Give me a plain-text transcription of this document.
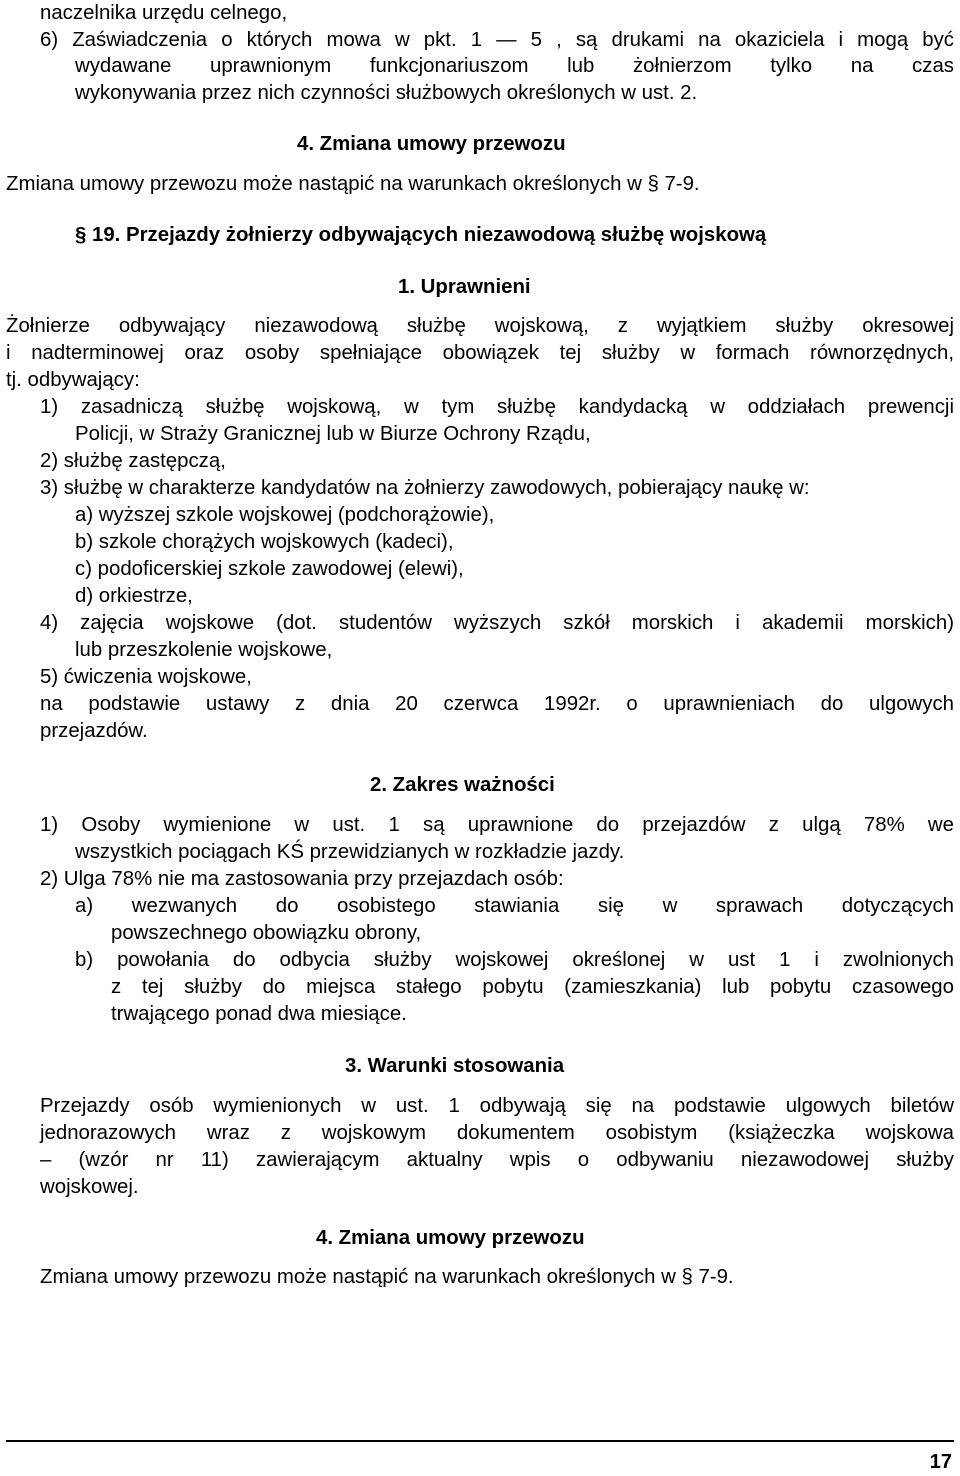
naczelnika urzędu celnego,
6) Zaświadczenia o których mowa w pkt. 1 — 5 , są drukami na okaziciela i mogą być
wydawane uprawnionym funkcjonariuszom lub żołnierzom tylko na czas
wykonywania przez nich czynności służbowych określonych w ust. 2.
4. Zmiana umowy przewozu
Zmiana umowy przewozu może nastąpić na warunkach określonych w § 7-9.
§ 19. Przejazdy żołnierzy odbywających niezawodową służbę wojskową
1. Uprawnieni
Żołnierze odbywający niezawodową służbę wojskową, z wyjątkiem służby okresowej
i nadterminowej oraz osoby spełniające obowiązek tej służby w formach równorzędnych,
tj. odbywający:
1) zasadniczą służbę wojskową, w tym służbę kandydacką w oddziałach prewencji
Policji, w Straży Granicznej lub w Biurze Ochrony Rządu,
2) służbę zastępczą,
3) służbę w charakterze kandydatów na żołnierzy zawodowych, pobierający naukę w:
a) wyższej szkole wojskowej (podchorążowie),
b) szkole chorążych wojskowych (kadeci),
c) podoficerskiej szkole zawodowej (elewi),
d) orkiestrze,
4) zajęcia wojskowe (dot. studentów wyższych szkół morskich i akademii morskich)
lub przeszkolenie wojskowe,
5) ćwiczenia wojskowe,
na podstawie ustawy z dnia 20 czerwca 1992r. o uprawnieniach do ulgowych
przejazdów.
2. Zakres ważności
1) Osoby wymienione w ust. 1 są uprawnione do przejazdów z ulgą 78% we
wszystkich pociągach KŚ przewidzianych w rozkładzie jazdy.
2) Ulga 78% nie ma zastosowania przy przejazdach osób:
a) wezwanych do osobistego stawiania się w sprawach dotyczących
powszechnego obowiązku obrony,
b) powołania do odbycia służby wojskowej określonej w ust 1 i zwolnionych
z tej służby do miejsca stałego pobytu (zamieszkania) lub pobytu czasowego
trwającego ponad dwa miesiące.
3. Warunki stosowania
Przejazdy osób wymienionych w ust. 1 odbywają się na podstawie ulgowych biletów
jednorazowych wraz z wojskowym dokumentem osobistym (książeczka wojskowa
– (wzór nr 11) zawierającym aktualny wpis o odbywaniu niezawodowej służby
wojskowej.
4. Zmiana umowy przewozu
Zmiana umowy przewozu może nastąpić na warunkach określonych w § 7-9.
17
